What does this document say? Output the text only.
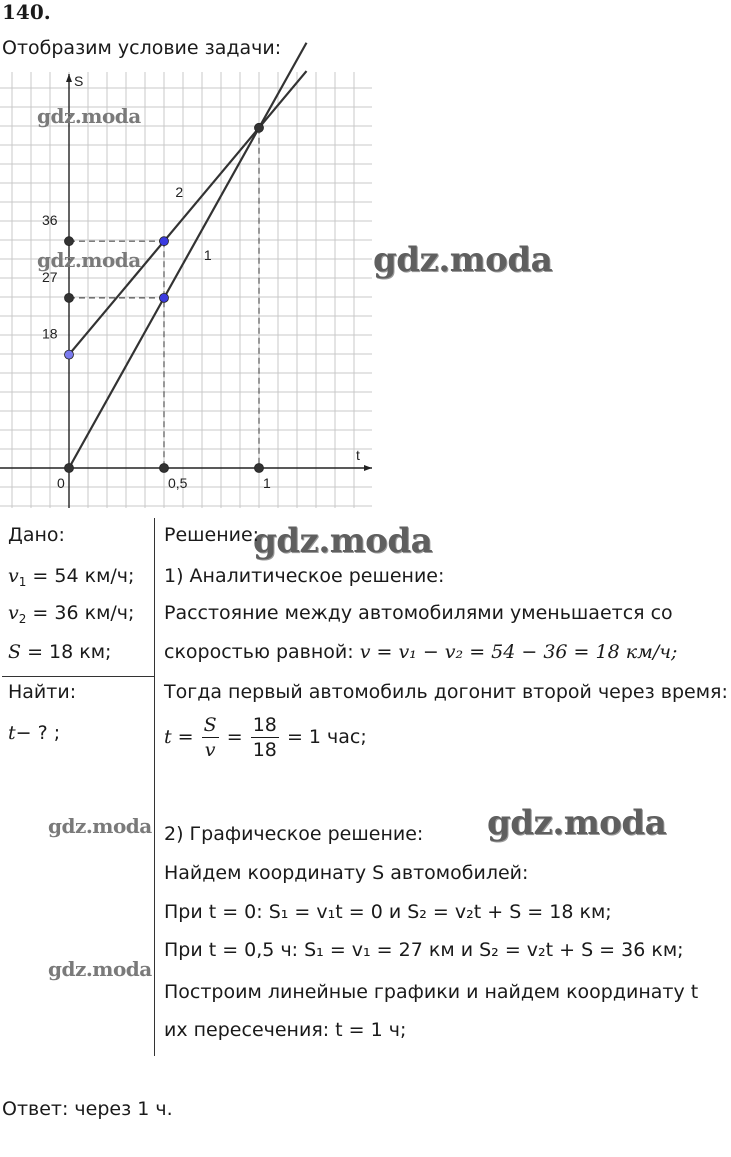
140.
Отобразим условие задачи:
2
1
t
S
0	0,5	1
18
27
36
gdz.moda
gdz.moda	gdz.moda
gdz.moda
gdz.moda	gdz.moda
gdz.moda
Дано:
$v_1 = 54$ км/ч;
$v_2 = 36$ км/ч;
S = 18 км;
Найти:
t− ? ;
Решение:
1) Аналитическое решение:
Расстояние между автомобилями уменьшается со
скоростью равной: v = v₁ − v₂ = 54 − 36 = 18 км/ч;
Тогда первый автомобиль догонит второй через время:
$t = \frac{S}{v} = \frac{18}{18} = 1$ час;
2) Графическое решение:
Найдем координату S автомобилей:
При t = 0: S₁ = v₁t = 0 и S₂ = v₂t + S = 18 км;
При t = 0,5 ч: S₁ = v₁ = 27 км и S₂ = v₂t + S = 36 км;
Построим линейные графики и найдем координату t
их пересечения: t = 1 ч;
Ответ: через 1 ч.
